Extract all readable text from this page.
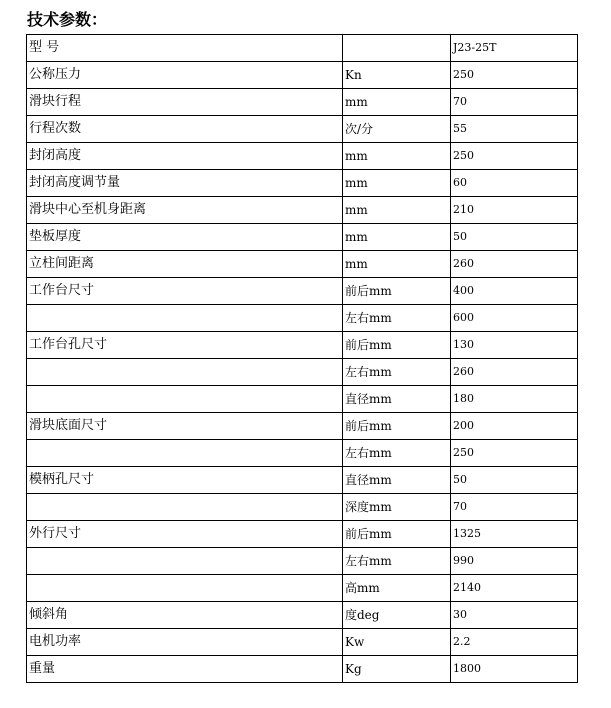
技术参数：
型 号		J23-25T
公称压力	Kn	250
滑块行程	mm	70
行程次数	次/分	55
封闭高度	mm	250
封闭高度调节量	mm	60
滑块中心至机身距离	mm	210
垫板厚度	mm	50
立柱间距离	mm	260
工作台尺寸	前后mm	400
	左右mm	600
工作台孔尺寸	前后mm	130
	左右mm	260
	直径mm	180
滑块底面尺寸	前后mm	200
	左右mm	250
模柄孔尺寸	直径mm	50
	深度mm	70
外行尺寸	前后mm	1325
	左右mm	990
	高mm	2140
倾斜角	度deg	30
电机功率	Kw	2.2
重量	Kg	1800
